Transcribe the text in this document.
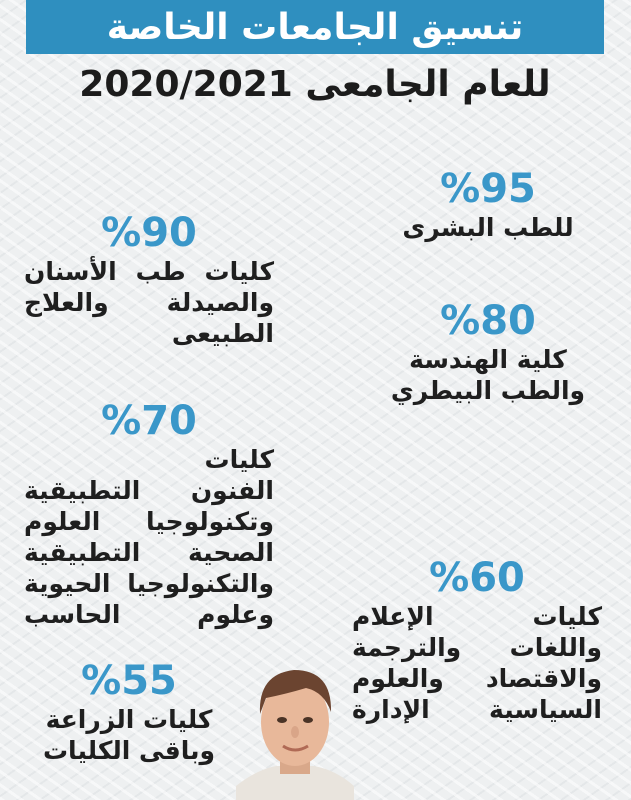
تنسيق الجامعات الخاصة
للعام الجامعى 2020/2021
%95
للطب البشرى
%80
كلية الهندسة
والطب البيطري
%60
كليات الإعلام
واللغات والترجمة
والاقتصاد والعلوم
السياسية الإدارة
%90
كليات طب الأسنان
والصيدلة والعلاج
الطبيعى
%70
كليات
الفنون التطبيقية
وتكنولوجيا العلوم
الصحية التطبيقية
والتكنولوجيا الحيوية
وعلوم الحاسب
%55
كليات الزراعة
وباقى الكليات
